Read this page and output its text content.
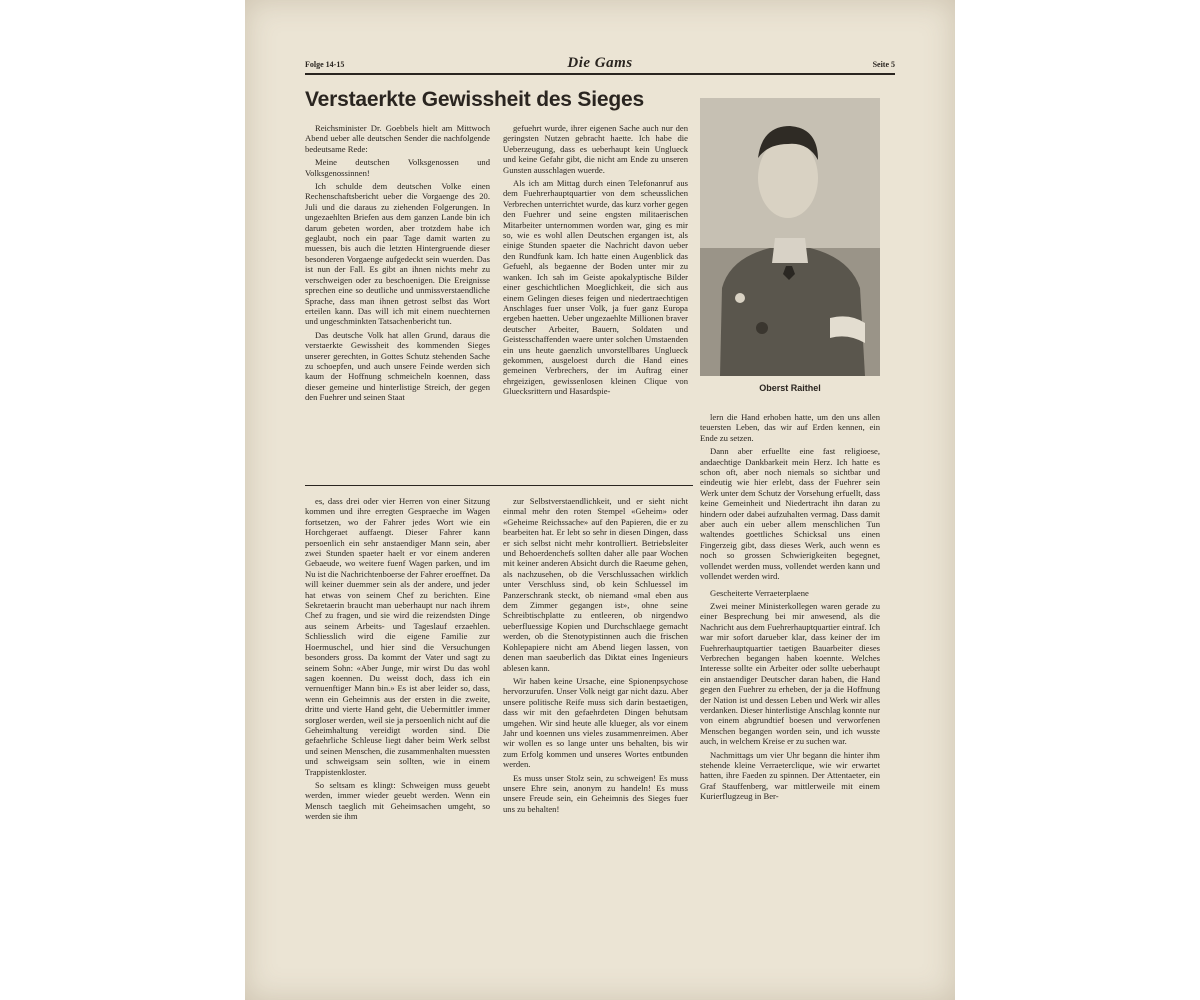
Folge 14-15	Die Gams	Seite 5
Verstaerkte Gewissheit des Sieges

Reichsminister Dr. Goebbels hielt am Mittwoch Abend ueber alle deutschen Sender die nachfolgende bedeutsame Rede:

Meine deutschen Volksgenossen und Volksgenossinnen!

Ich schulde dem deutschen Volke einen Rechenschaftsbericht ueber die Vorgaenge des 20. Juli und die daraus zu ziehenden Folgerungen. In ungezaehlten Briefen aus dem ganzen Lande bin ich darum gebeten worden, aber trotzdem habe ich geglaubt, noch ein paar Tage damit warten zu muessen, bis auch die letzten Hintergruende dieser besonderen Vorgaenge aufgedeckt sein wuerden. Das ist nun der Fall. Es gibt an ihnen nichts mehr zu verschweigen oder zu beschoenigen. Die Ereignisse sprechen eine so deutliche und unmissverstaendliche Sprache, dass man ihnen getrost selbst das Wort erteilen kann. Das will ich mit einem nuechternen und ungeschminkten Tatsachenbericht tun.

Das deutsche Volk hat allen Grund, daraus die verstaerkte Gewissheit des kommenden Sieges unserer gerechten, in Gottes Schutz stehenden Sache zu schoepfen, und auch unsere Feinde werden sich kaum der Hoffnung schmeicheln koennen, dass dieser gemeine und hinterlistige Streich, der gegen den Fuehrer und seinen Staat

gefuehrt wurde, ihrer eigenen Sache auch nur den geringsten Nutzen gebracht haette. Ich habe die Ueberzeugung, dass es ueberhaupt kein Unglueck und keine Gefahr gibt, die nicht am Ende zu unseren Gunsten ausschlagen wuerde.

Als ich am Mittag durch einen Telefonanruf aus dem Fuehrerhauptquartier von dem scheusslichen Verbrechen unterrichtet wurde, das kurz vorher gegen den Fuehrer und seine engsten militaerischen Mitarbeiter unternommen worden war, ging es mir so, wie es wohl allen Deutschen ergangen ist, als einige Stunden spaeter die Nachricht davon ueber den Rundfunk kam. Ich hatte einen Augenblick das Gefuehl, als begaenne der Boden unter mir zu wanken. Ich sah im Geiste apokalyptische Bilder einer geschichtlichen Moeglichkeit, die sich aus einem Gelingen dieses feigen und niedertraechtigen Anschlages fuer unser Volk, ja fuer ganz Europa ergeben haetten. Ueber ungezaehlte Millionen braver deutscher Arbeiter, Bauern, Soldaten und Geistesschaffenden waere unter solchen Umstaenden ein uns heute gaenzlich unvorstellbares Unglueck gekommen, ausgeloest durch die Hand eines gemeinen Verbrechers, der im Auftrag einer ehrgeizigen, gewissenlosen kleinen Clique von Gluecksrittern und Hasardspie-	Oberst Raithel

lern die Hand erhoben hatte, um den uns allen teuersten Leben, das wir auf Erden kennen, ein Ende zu setzen.

Dann aber erfuellte eine fast religioese, andaechtige Dankbarkeit mein Herz. Ich hatte es schon oft, aber noch niemals so sichtbar und eindeutig wie hier erlebt, dass der Fuehrer sein Werk unter dem Schutz der Vorsehung erfuellt, dass keine Gemeinheit und Niedertracht ihn daran zu hindern oder dabei aufzuhalten vermag. Dass damit aber auch ein ueber allem menschlichen Tun waltendes goettliches Schicksal uns einen Fingerzeig gibt, dass dieses Werk, auch wenn es noch so grossen Schwierigkeiten begegnet, vollendet werden muss, vollendet werden kann und vollendet werden wird.

Gescheiterte Verraeterplaene

Zwei meiner Ministerkollegen waren gerade zu einer Besprechung bei mir anwesend, als die Nachricht aus dem Fuehrerhauptquartier eintraf. Ich war mir sofort darueber klar, dass keiner der im Fuehrerhauptquartier taetigen Bauarbeiter dieses Verbrechen begangen haben koennte. Welches Interesse sollte ein Arbeiter oder sollte ueberhaupt ein anstaendiger Deutscher daran haben, die Hand gegen den Fuehrer zu erheben, der ja die Hoffnung der Nation ist und dessen Leben und Werk wir alles verdanken. Dieser hinterlistige Anschlag konnte nur von einem abgrundtief boesen und verworfenen Menschen begangen worden sein, und ich wusste auch, in welchem Kreise er zu suchen war.

Nachmittags um vier Uhr begann die hinter ihm stehende kleine Verraeterclique, wie wir erwartet hatten, ihre Faeden zu spinnen. Der Attentaeter, ein Graf Stauffenberg, war mittlerweile mit einem Kurierflugzeug in Ber-

es, dass drei oder vier Herren von einer Sitzung kommen und ihre erregten Gespraeche im Wagen fortsetzen, wo der Fahrer jedes Wort wie ein Horchgeraet auffaengt. Dieser Fahrer kann persoenlich ein sehr anstaendiger Mann sein, aber zwei Stunden spaeter haelt er vor einem anderen Gebaeude, wo weitere fuenf Wagen parken, und im Nu ist die Nachrichtenboerse der Fahrer eroeffnet. Da will keiner duemmer sein als der andere, und jeder hat etwas von seinem Chef zu berichten. Eine Sekretaerin braucht man ueberhaupt nur nach ihrem Chef zu fragen, und sie wird die reizendsten Dinge aus seinem Arbeits- und Tageslauf erzaehlen. Schliesslich wird die eigene Familie zur Hoermuschel, und hier sind die Versuchungen besonders gross. Da kommt der Vater und sagt zu seinem Sohn: «Aber Junge, mir wirst Du das wohl sagen koennen. Du weisst doch, dass ich ein vernuenftiger Mann bin.» Es ist aber leider so, dass, wenn ein Geheimnis aus der ersten in die zweite, dritte und vierte Hand geht, die Uebermittler immer sorgloser werden, weil sie ja persoenlich nicht auf die Geheimhaltung vereidigt worden sind. Die gefaehrliche Schleuse liegt daher beim Werk selbst und seinen Menschen, die zusammenhalten muessten und schweigsam sein sollten, wie in einem Trappistenkloster.

So seltsam es klingt: Schweigen muss geuebt werden, immer wieder geuebt werden. Wenn ein Mensch taeglich mit Geheimsachen umgeht, so werden sie ihm

zur Selbstverstaendlichkeit, und er sieht nicht einmal mehr den roten Stempel «Geheim» oder «Geheime Reichssache» auf den Papieren, die er zu bearbeiten hat. Er lebt so sehr in diesen Dingen, dass er sich selbst nicht mehr kontrolliert. Betriebsleiter und Behoerdenchefs sollten daher alle paar Wochen mit keiner anderen Absicht durch die Raeume gehen, als nachzusehen, ob die Verschlussachen wirklich unter Verschluss sind, ob kein Schluessel im Panzerschrank steckt, ob niemand «mal eben aus dem Zimmer gegangen ist», ohne seine Schreibtischplatte zu entleeren, ob nirgendwo ueberfluessige Kopien und Durchschlaege gemacht werden, ob die Stenotypistinnen auch die frischen Kohlepapiere nicht am Abend liegen lassen, von denen man saeuberlich das Diktat eines Ingenieurs ablesen kann.

Wir haben keine Ursache, eine Spionenpsychose hervorzurufen. Unser Volk neigt gar nicht dazu. Aber unsere politische Reife muss sich darin bestaetigen, dass wir mit den gefaehrdeten Dingen behutsam umgehen. Wir sind heute alle klueger, als vor einem Jahr und koennen uns vieles zusammenreimen. Aber wir wollen es so lange unter uns behalten, bis wir zum Erfolg kommen und unseres Wortes entbunden werden.

Es muss unser Stolz sein, zu schweigen! Es muss unsere Ehre sein, anonym zu handeln! Es muss unsere Freude sein, ein Geheimnis des Sieges fuer uns zu behalten!
